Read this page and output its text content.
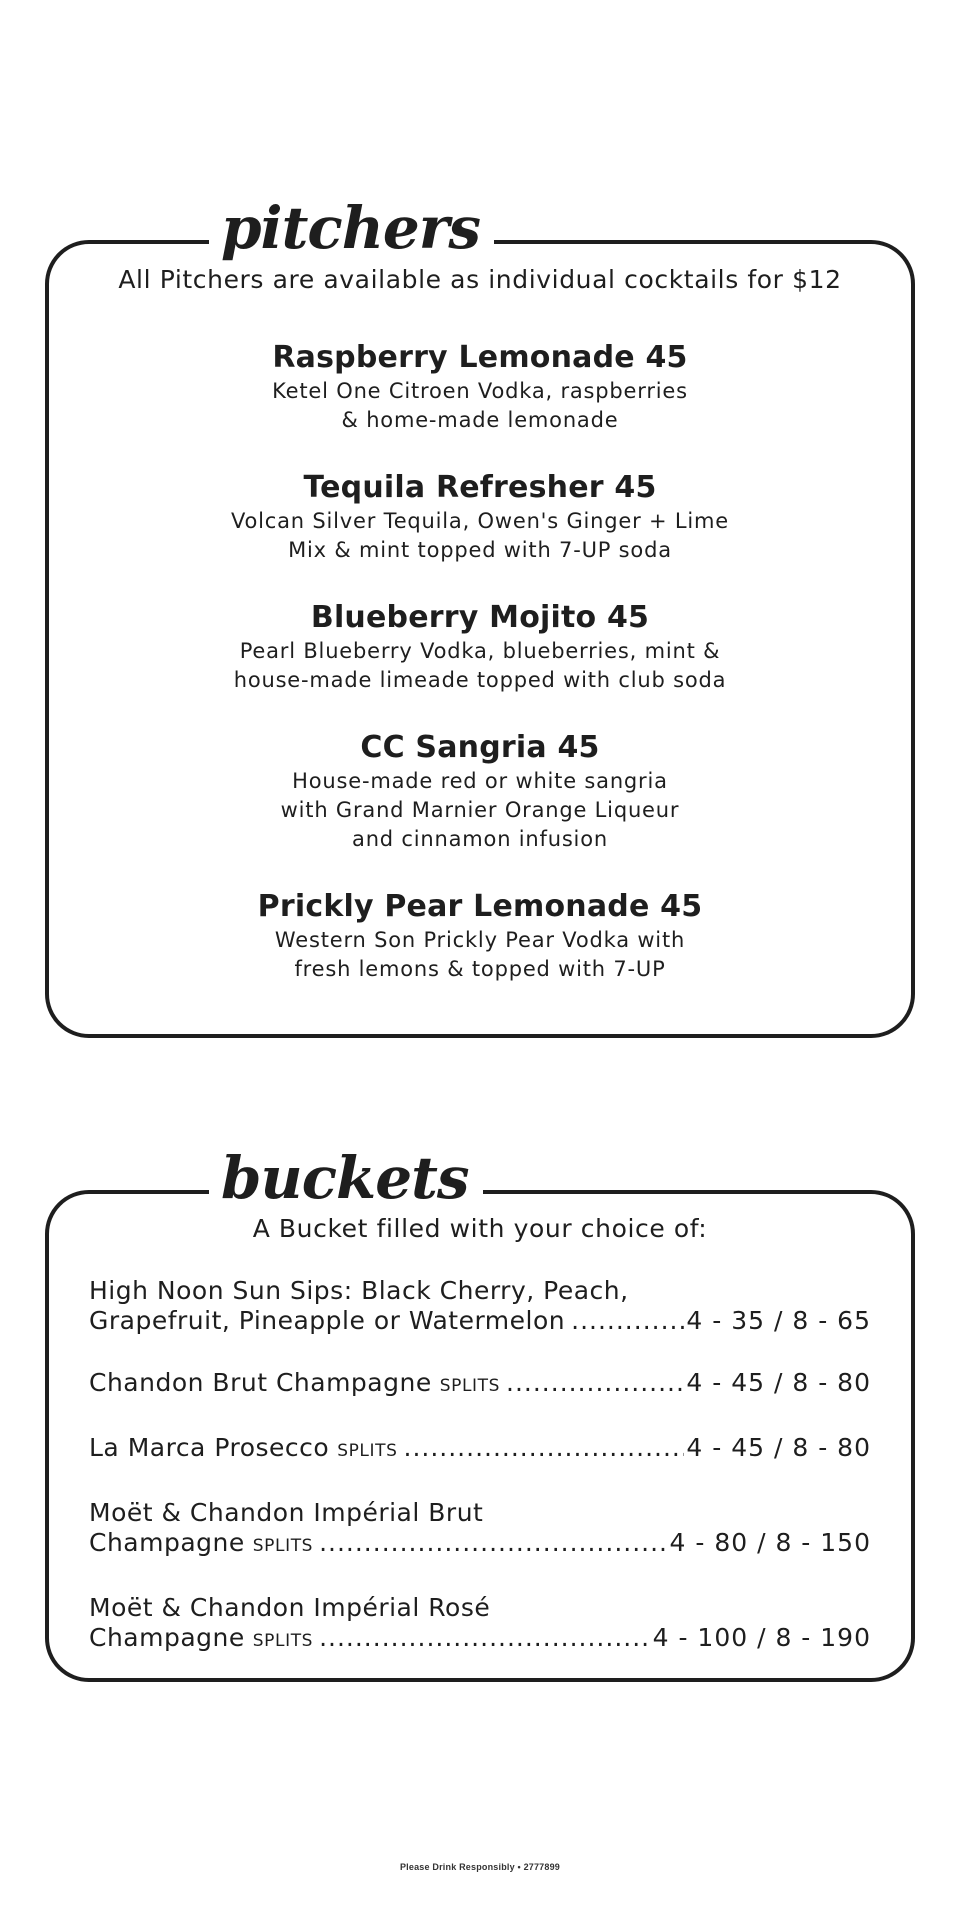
pitchers

All Pitchers are available as individual cocktails for $12

Raspberry Lemonade 45
Ketel One Citroen Vodka, raspberries
& home-made lemonade
Tequila Refresher 45
Volcan Silver Tequila, Owen's Ginger + Lime
Mix & mint topped with 7-UP soda
Blueberry Mojito 45
Pearl Blueberry Vodka, blueberries, mint &
house-made limeade topped with club soda
CC Sangria 45
House-made red or white sangria
with Grand Marnier Orange Liqueur
and cinnamon infusion
Prickly Pear Lemonade 45
Western Son Prickly Pear Vodka with
fresh lemons & topped with 7-UP
buckets

A Bucket filled with your choice of:

High Noon Sun Sips: Black Cherry, Peach,
Grapefruit, Pineapple or Watermelon .....	4 - 35 / 8 - 65
Chandon Brut Champagne SPLITS .....	4 - 45 / 8 - 80
La Marca Prosecco SPLITS .....	4 - 45 / 8 - 80
Moët & Chandon Impérial Brut
Champagne SPLITS .....	4 - 80 / 8 - 150
Moët & Chandon Impérial Rosé
Champagne SPLITS .....	4 - 100 / 8 - 190
Please Drink Responsibly • 2777899
